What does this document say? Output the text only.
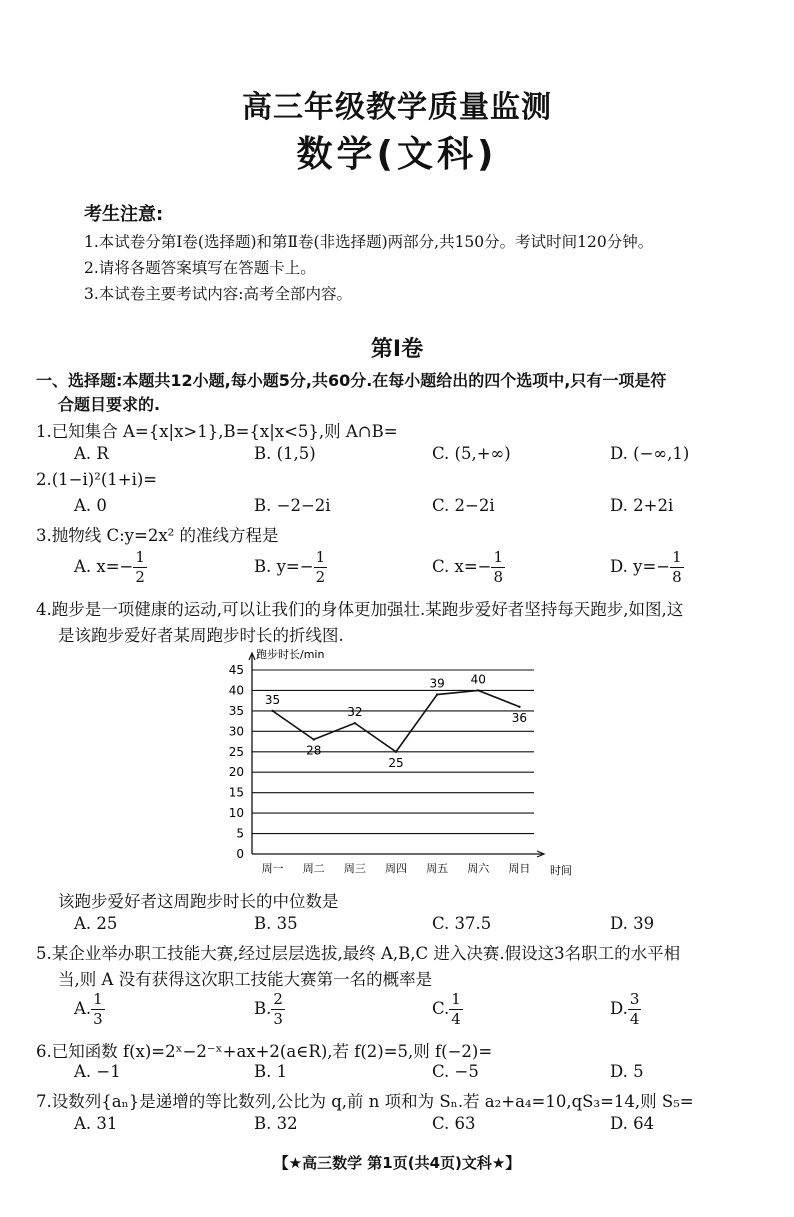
高三年级教学质量监测
数学(文科)
考生注意:
1.本试卷分第Ⅰ卷(选择题)和第Ⅱ卷(非选择题)两部分,共150分。考试时间120分钟。
2.请将各题答案填写在答题卡上。
3.本试卷主要考试内容:高考全部内容。
第Ⅰ卷
一、选择题:本题共12小题,每小题5分,共60分.在每小题给出的四个选项中,只有一项是符
合题目要求的.
1.已知集合 A={x|x>1},B={x|x<5},则 A∩B=
A. R	B. (1,5)	C. (5,+∞)	D. (−∞,1)
2.(1−i)²(1+i)=
A. 0	B. −2−2i	C. 2−2i	D. 2+2i
3.抛物线 C:y=2x² 的准线方程是
A. $x=- \frac{1}{2}$	B. $y=- \frac{1}{2}$	C. $x=- \frac{1}{8}$	D. $y=- \frac{1}{8}$
4.跑步是一项健康的运动,可以让我们的身体更加强壮.某跑步爱好者坚持每天跑步,如图,这
是该跑步爱好者某周跑步时长的折线图.
0
5
10
15
20
25
30
35
40
45
周一 周二 周三 周四 周五 周六 周日
35
28
32
25
39 40
36
跑步时长/min
时间
该跑步爱好者这周跑步时长的中位数是
A. 25	B. 35	C. 37.5	D. 39
5.某企业举办职工技能大赛,经过层层选拔,最终 A,B,C 进入决赛.假设这3名职工的水平相
当,则 A 没有获得这次职工技能大赛第一名的概率是
A. $\frac{1}{3}$	B. $\frac{2}{3}$	C. $\frac{1}{4}$	D. $\frac{3}{4}$
6.已知函数 f(x)=2ˣ−2⁻ˣ+ax+2(a∈R),若 f(2)=5,则 f(−2)=
A. −1	B. 1	C. −5	D. 5
7.设数列{aₙ}是递增的等比数列,公比为 q,前 n 项和为 Sₙ.若 a₂+a₄=10,qS₃=14,则 S₅=
A. 31	B. 32	C. 63	D. 64
【★高三数学 第1页(共4页)文科★】
